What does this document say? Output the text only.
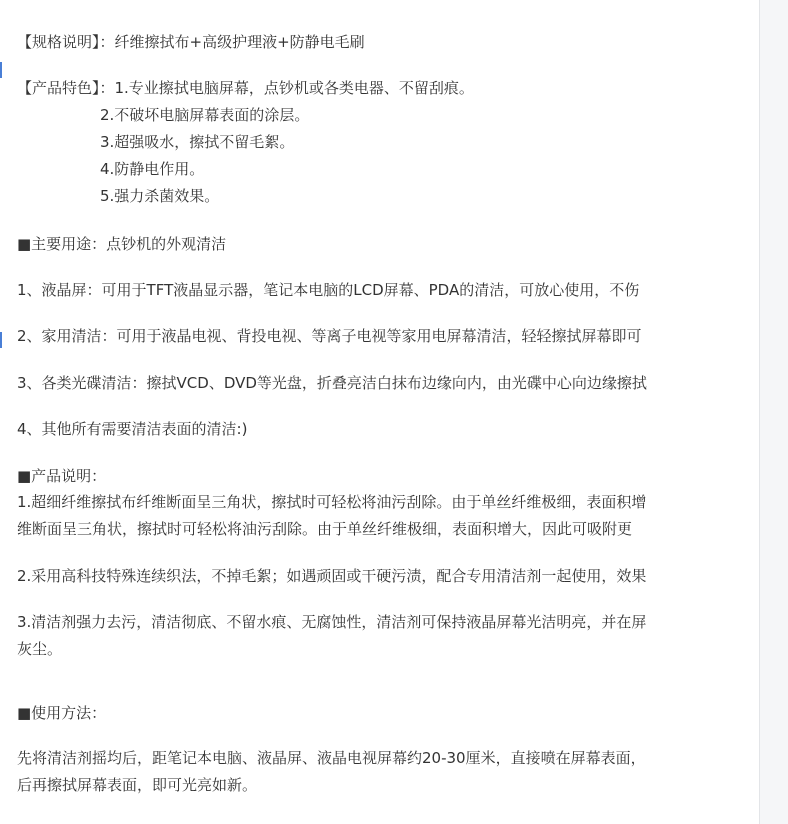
【规格说明】：纤维擦拭布+高级护理液+防静电毛刷
【产品特色】：1.专业擦拭电脑屏幕，点钞机或各类电器、不留刮痕。
2.不破坏电脑屏幕表面的涂层。
3.超强吸水，擦拭不留毛絮。
4.防静电作用。
5.强力杀菌效果。
■主要用途：点钞机的外观清洁
1、液晶屏：可用于TFT液晶显示器，笔记本电脑的LCD屏幕、PDA的清洁，可放心使用，不伤
2、家用清洁：可用于液晶电视、背投电视、等离子电视等家用电屏幕清洁，轻轻擦拭屏幕即可
3、各类光碟清洁：擦拭VCD、DVD等光盘，折叠亮洁白抹布边缘向内，由光碟中心向边缘擦拭
4、其他所有需要清洁表面的清洁:)
■产品说明：
1.超细纤维擦拭布纤维断面呈三角状，擦拭时可轻松将油污刮除。由于单丝纤维极细，表面积增
维断面呈三角状，擦拭时可轻松将油污刮除。由于单丝纤维极细，表面积增大，因此可吸附更
2.采用高科技特殊连续织法，不掉毛絮；如遇顽固或干硬污渍，配合专用清洁剂一起使用，效果
3.清洁剂强力去污，清洁彻底、不留水痕、无腐蚀性，清洁剂可保持液晶屏幕光洁明亮，并在屏
灰尘。
■使用方法：
先将清洁剂摇均后，距笔记本电脑、液晶屏、液晶电视屏幕约20-30厘米，直接喷在屏幕表面，
后再擦拭屏幕表面，即可光亮如新。
